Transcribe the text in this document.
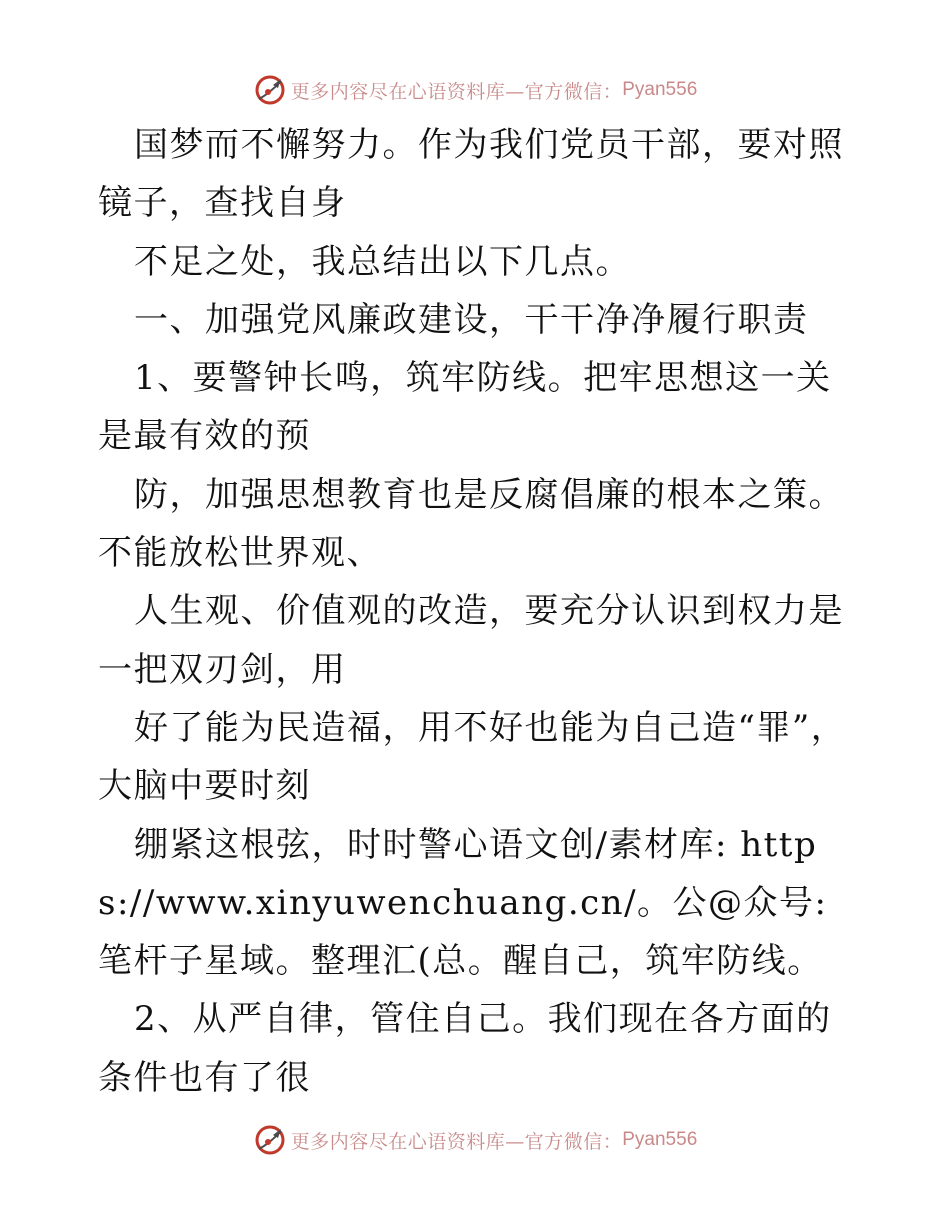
更多内容尽在心语资料库—官方微信： Pyan556

国梦而不懈努力。作为我们党员干部，要对照镜子，查找自身

不足之处，我总结出以下几点。

一、加强党风廉政建设，干干净净履行职责

1、要警钟长鸣，筑牢防线。把牢思想这一关是最有效的预

防，加强思想教育也是反腐倡廉的根本之策。不能放松世界观、

人生观、价值观的改造，要充分认识到权力是一把双刃剑，用

好了能为民造福，用不好也能为自己造“罪”，大脑中要时刻

绷紧这根弦，时时警心语文创/素材库: https://www.xinyuwenchuang.cn/。公@众号: 笔杆子星域。整理汇(总。醒自己，筑牢防线。

2、从严自律，管住自己。我们现在各方面的条件也有了很

更多内容尽在心语资料库—官方微信： Pyan556
